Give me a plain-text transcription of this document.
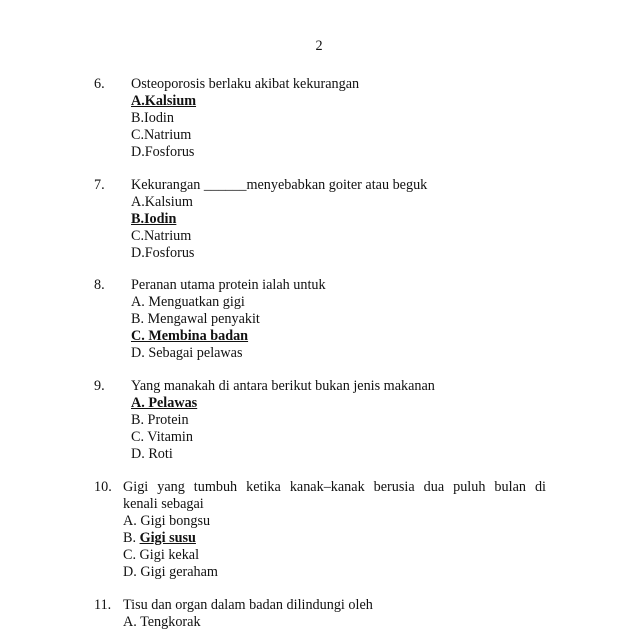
2
6. Osteoporosis berlaku akibat kekurangan
A.Kalsium
B.Iodin
C.Natrium
D.Fosforus
7. Kekurangan ______menyebabkan goiter atau beguk
A.Kalsium
B.Iodin
C.Natrium
D.Fosforus
8. Peranan utama protein ialah untuk
A. Menguatkan gigi
B. Mengawal penyakit
C. Membina badan
D. Sebagai pelawas
9. Yang manakah di antara berikut bukan jenis makanan
A. Pelawas
B. Protein
C. Vitamin
D. Roti
10. Gigi yang tumbuh ketika kanak–kanak berusia dua puluh bulan di
kenali sebagai
A. Gigi bongsu
B. Gigi susu
C. Gigi kekal
D. Gigi geraham
11. Tisu dan organ dalam badan dilindungi oleh
A. Tengkorak
